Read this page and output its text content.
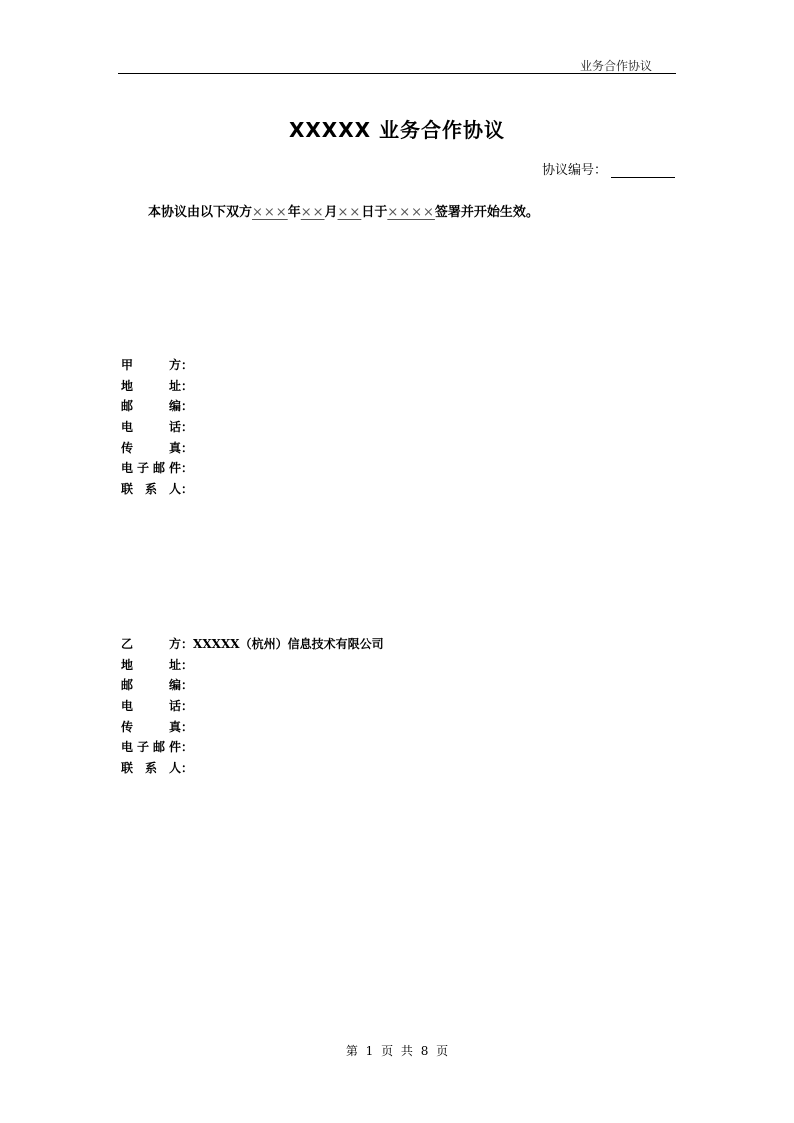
业务合作协议
XXXXX 业务合作协议
协议编号：
本协议由以下双方×××年××月××日于××××签署并开始生效。
甲　　方 ：
地　　址 ：
邮　　编 ：
电　　话 ：
传　　真 ：
电子邮件 ：
联 系 人 ：
乙　　方 ： XXXXX（杭州）信息技术有限公司
地　　址 ：
邮　　编 ：
电　　话 ：
传　　真 ：
电子邮件 ：
联 系 人 ：
第 1 页 共 8 页
